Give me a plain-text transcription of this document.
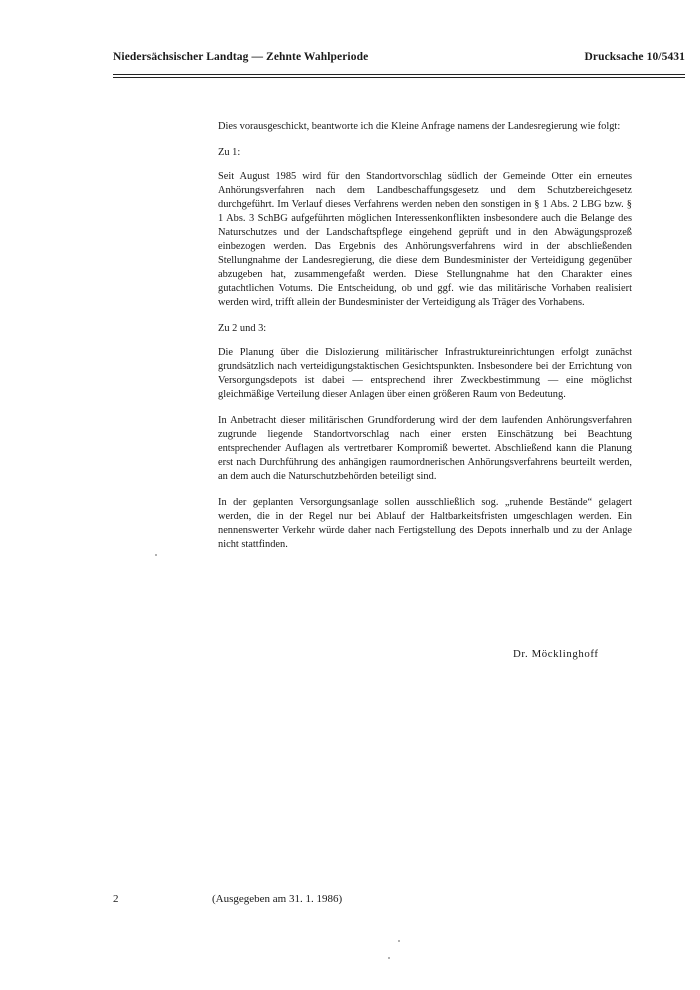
Niedersächsischer Landtag — Zehnte Wahlperiode	Drucksache 10/5431

Dies vorausgeschickt, beantworte ich die Kleine Anfrage namens der Landesregierung wie folgt:

Zu 1:

Seit August 1985 wird für den Standortvorschlag südlich der Gemeinde Otter ein erneutes Anhörungsverfahren nach dem Landbeschaffungsgesetz und dem Schutzbereichgesetz durchgeführt. Im Verlauf dieses Verfahrens werden neben den sonstigen in § 1 Abs. 2 LBG bzw. § 1 Abs. 3 SchBG aufgeführten möglichen Interessenkonflikten insbesondere auch die Belange des Naturschutzes und der Landschaftspflege eingehend geprüft und in den Abwägungsprozeß einbezogen werden. Das Ergebnis des Anhörungsverfahrens wird in der abschließenden Stellungnahme der Landesregierung, die diese dem Bundesminister der Verteidigung gegenüber abzugeben hat, zusammengefaßt werden. Diese Stellungnahme hat den Charakter eines gutachtlichen Votums. Die Entscheidung, ob und ggf. wie das militärische Vorhaben realisiert werden wird, trifft allein der Bundesminister der Verteidigung als Träger des Vorhabens.

Zu 2 und 3:

Die Planung über die Dislozierung militärischer Infrastruktureinrichtungen erfolgt zunächst grundsätzlich nach verteidigungstaktischen Gesichtspunkten. Insbesondere bei der Errichtung von Versorgungsdepots ist dabei — entsprechend ihrer Zweckbestimmung — eine möglichst gleichmäßige Verteilung dieser Anlagen über einen größeren Raum von Bedeutung.

In Anbetracht dieser militärischen Grundforderung wird der dem laufenden Anhörungsverfahren zugrunde liegende Standortvorschlag nach einer ersten Einschätzung bei Beachtung entsprechender Auflagen als vertretbarer Kompromiß bewertet. Abschließend kann die Planung erst nach Durchführung des anhängigen raumordnerischen Anhörungsverfahrens beurteilt werden, an dem auch die Naturschutzbehörden beteiligt sind.

In der geplanten Versorgungsanlage sollen ausschließlich sog. „ruhende Bestände“ gelagert werden, die in der Regel nur bei Ablauf der Haltbarkeitsfristen umgeschlagen werden. Ein nennenswerter Verkehr würde daher nach Fertigstellung des Depots innerhalb und zu der Anlage nicht stattfinden.

Dr. Möcklinghoff
2	(Ausgegeben am 31. 1. 1986)
